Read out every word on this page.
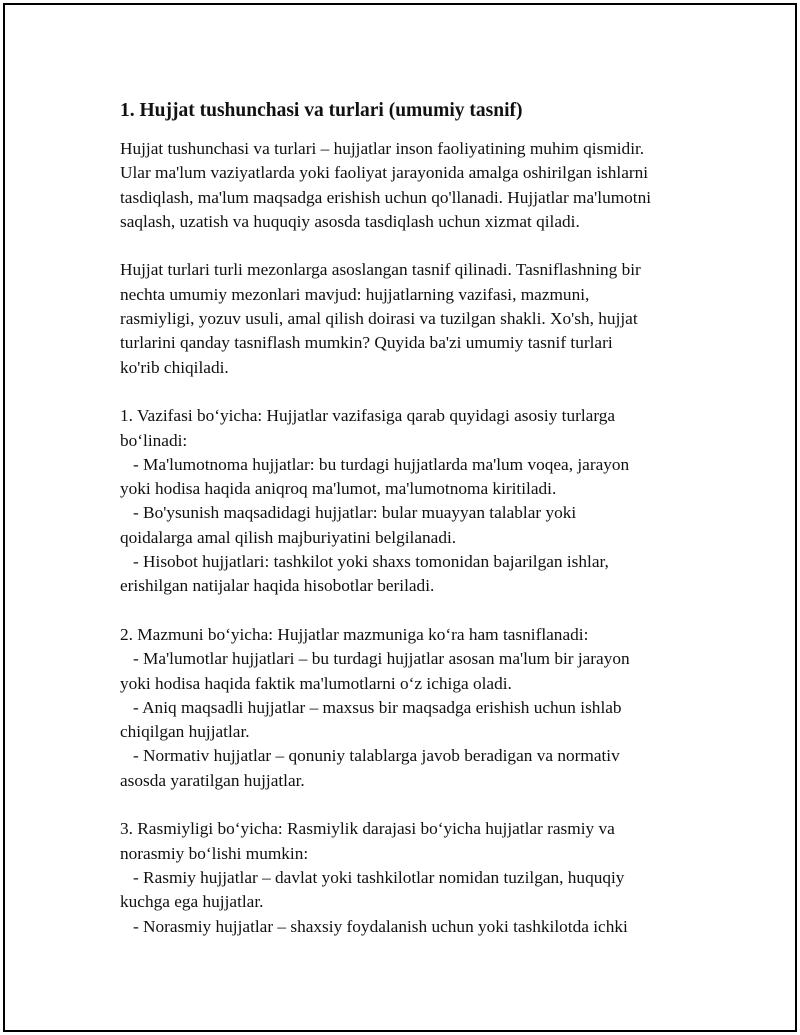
1. Hujjat tushunchasi va turlari (umumiy tasnif)
Hujjat tushunchasi va turlari – hujjatlar inson faoliyatining muhim qismidir.
Ular ma'lum vaziyatlarda yoki faoliyat jarayonida amalga oshirilgan ishlarni
tasdiqlash, ma'lum maqsadga erishish uchun qo'llanadi. Hujjatlar ma'lumotni
saqlash, uzatish va huquqiy asosda tasdiqlash uchun xizmat qiladi.
Hujjat turlari turli mezonlarga asoslangan tasnif qilinadi. Tasniflashning bir
nechta umumiy mezonlari mavjud: hujjatlarning vazifasi, mazmuni,
rasmiyligi, yozuv usuli, amal qilish doirasi va tuzilgan shakli. Xo'sh, hujjat
turlarini qanday tasniflash mumkin? Quyida ba'zi umumiy tasnif turlari
ko'rib chiqiladi.
1. Vazifasi bo‘yicha: Hujjatlar vazifasiga qarab quyidagi asosiy turlarga
bo‘linadi:
- Ma'lumotnoma hujjatlar: bu turdagi hujjatlarda ma'lum voqea, jarayon
yoki hodisa haqida aniqroq ma'lumot, ma'lumotnoma kiritiladi.
- Bo'ysunish maqsadidagi hujjatlar: bular muayyan talablar yoki
qoidalarga amal qilish majburiyatini belgilanadi.
- Hisobot hujjatlari: tashkilot yoki shaxs tomonidan bajarilgan ishlar,
erishilgan natijalar haqida hisobotlar beriladi.
2. Mazmuni bo‘yicha: Hujjatlar mazmuniga ko‘ra ham tasniflanadi:
- Ma'lumotlar hujjatlari – bu turdagi hujjatlar asosan ma'lum bir jarayon
yoki hodisa haqida faktik ma'lumotlarni o‘z ichiga oladi.
- Aniq maqsadli hujjatlar – maxsus bir maqsadga erishish uchun ishlab
chiqilgan hujjatlar.
- Normativ hujjatlar – qonuniy talablarga javob beradigan va normativ
asosda yaratilgan hujjatlar.
3. Rasmiyligi bo‘yicha: Rasmiylik darajasi bo‘yicha hujjatlar rasmiy va
norasmiy bo‘lishi mumkin:
- Rasmiy hujjatlar – davlat yoki tashkilotlar nomidan tuzilgan, huquqiy
kuchga ega hujjatlar.
- Norasmiy hujjatlar – shaxsiy foydalanish uchun yoki tashkilotda ichki
